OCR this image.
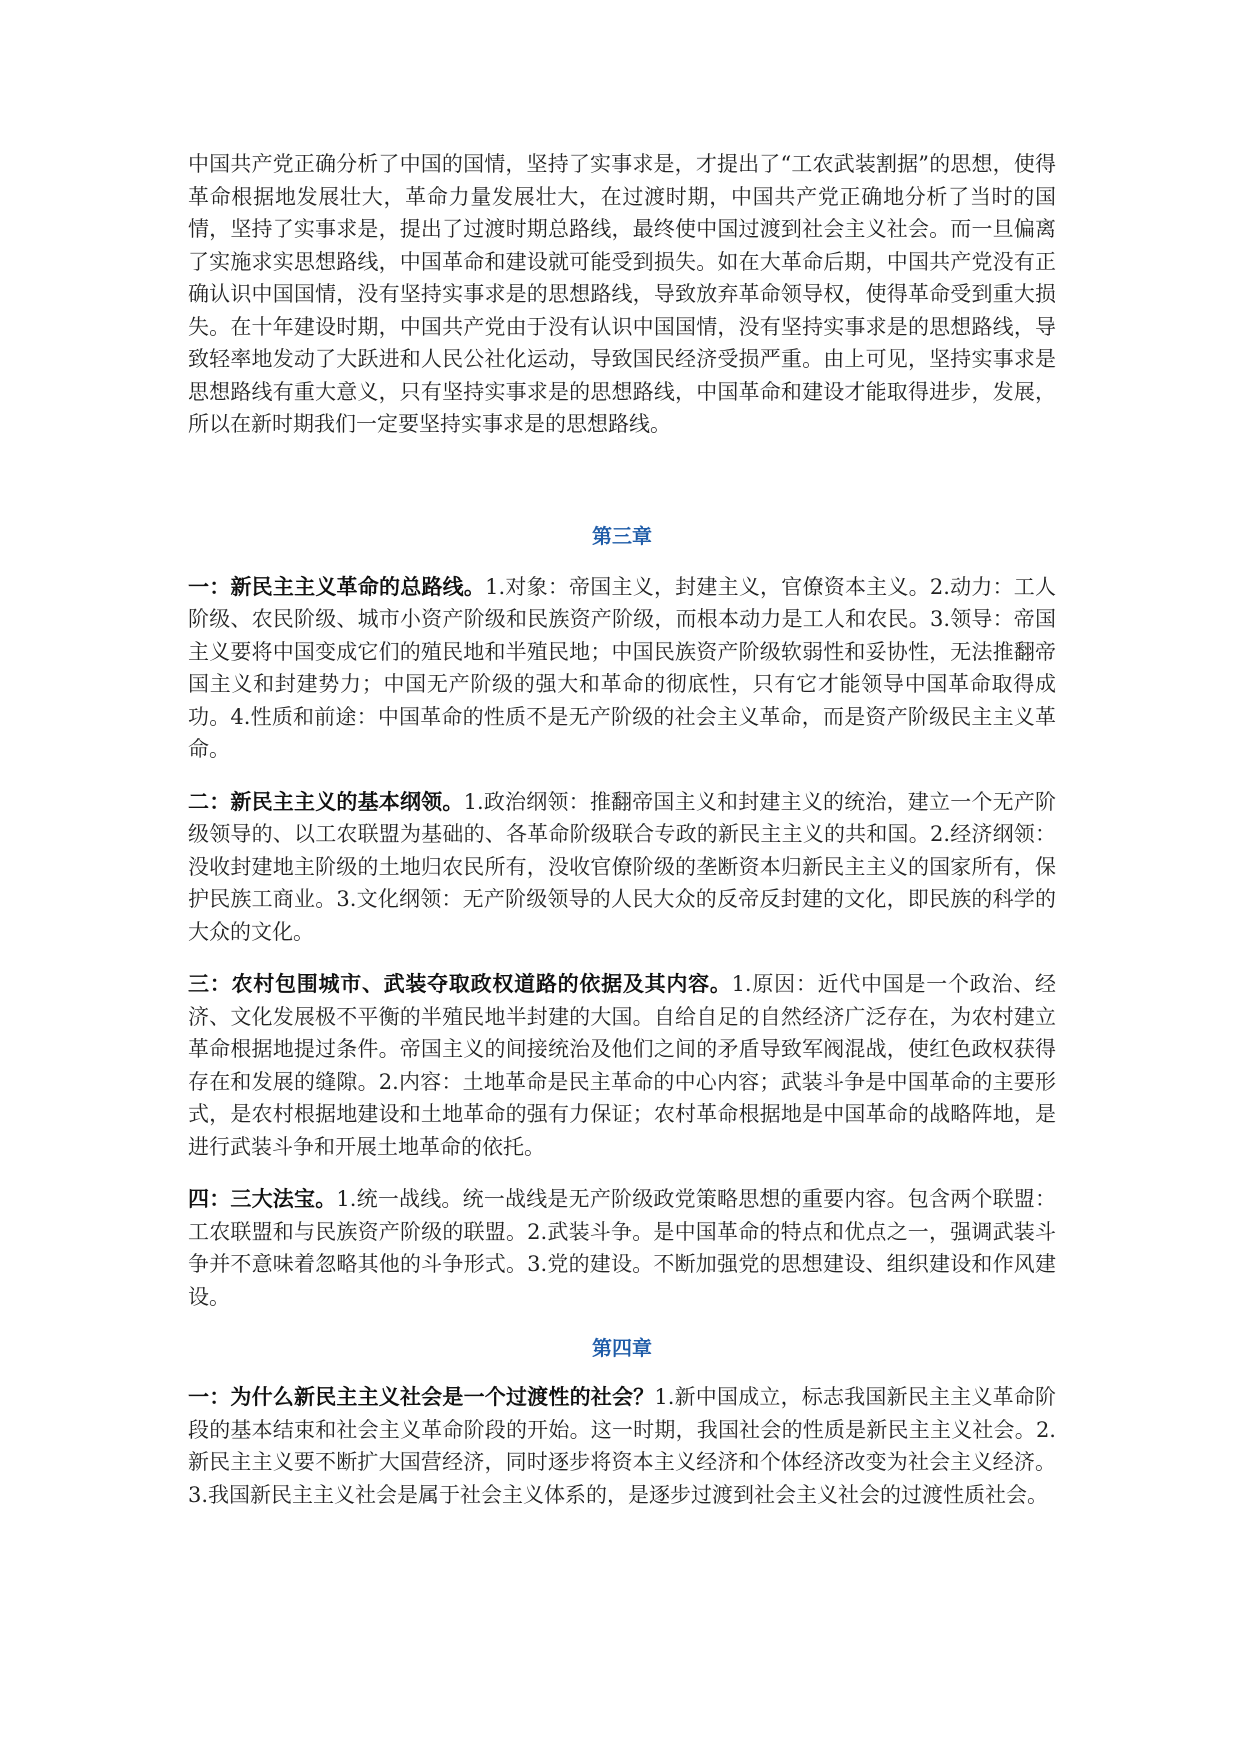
中国共产党正确分析了中国的国情，坚持了实事求是，才提出了“工农武装割据”的思想，使得革命根据地发展壮大，革命力量发展壮大，在过渡时期，中国共产党正确地分析了当时的国情，坚持了实事求是，提出了过渡时期总路线，最终使中国过渡到社会主义社会。而一旦偏离了实施求实思想路线，中国革命和建设就可能受到损失。如在大革命后期，中国共产党没有正确认识中国国情，没有坚持实事求是的思想路线，导致放弃革命领导权，使得革命受到重大损失。在十年建设时期，中国共产党由于没有认识中国国情，没有坚持实事求是的思想路线，导致轻率地发动了大跃进和人民公社化运动，导致国民经济受损严重。由上可见，坚持实事求是思想路线有重大意义，只有坚持实事求是的思想路线，中国革命和建设才能取得进步，发展，所以在新时期我们一定要坚持实事求是的思想路线。

第三章

一：新民主主义革命的总路线。1.对象：帝国主义，封建主义，官僚资本主义。2.动力：工人阶级、农民阶级、城市小资产阶级和民族资产阶级，而根本动力是工人和农民。3.领导：帝国主义要将中国变成它们的殖民地和半殖民地；中国民族资产阶级软弱性和妥协性，无法推翻帝国主义和封建势力；中国无产阶级的强大和革命的彻底性，只有它才能领导中国革命取得成功。4.性质和前途：中国革命的性质不是无产阶级的社会主义革命，而是资产阶级民主主义革命。

二：新民主主义的基本纲领。1.政治纲领：推翻帝国主义和封建主义的统治，建立一个无产阶级领导的、以工农联盟为基础的、各革命阶级联合专政的新民主主义的共和国。2.经济纲领：没收封建地主阶级的土地归农民所有，没收官僚阶级的垄断资本归新民主主义的国家所有，保护民族工商业。3.文化纲领：无产阶级领导的人民大众的反帝反封建的文化，即民族的科学的大众的文化。

三：农村包围城市、武装夺取政权道路的依据及其内容。1.原因：近代中国是一个政治、经济、文化发展极不平衡的半殖民地半封建的大国。自给自足的自然经济广泛存在，为农村建立革命根据地提过条件。帝国主义的间接统治及他们之间的矛盾导致军阀混战，使红色政权获得存在和发展的缝隙。2.内容：土地革命是民主革命的中心内容；武装斗争是中国革命的主要形式，是农村根据地建设和土地革命的强有力保证；农村革命根据地是中国革命的战略阵地，是进行武装斗争和开展土地革命的依托。

四：三大法宝。1.统一战线。统一战线是无产阶级政党策略思想的重要内容。包含两个联盟：工农联盟和与民族资产阶级的联盟。2.武装斗争。是中国革命的特点和优点之一，强调武装斗争并不意味着忽略其他的斗争形式。3.党的建设。不断加强党的思想建设、组织建设和作风建设。

第四章

一：为什么新民主主义社会是一个过渡性的社会？1.新中国成立，标志我国新民主主义革命阶段的基本结束和社会主义革命阶段的开始。这一时期，我国社会的性质是新民主主义社会。2.新民主主义要不断扩大国营经济，同时逐步将资本主义经济和个体经济改变为社会主义经济。3.我国新民主主义社会是属于社会主义体系的，是逐步过渡到社会主义社会的过渡性质社会。
